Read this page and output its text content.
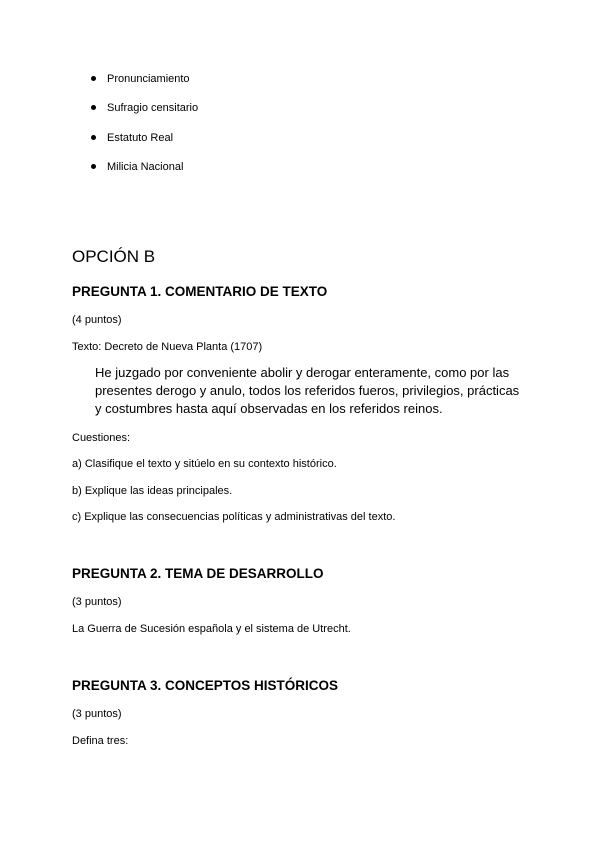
Pronunciamiento
Sufragio censitario
Estatuto Real
Milicia Nacional
OPCIÓN B
PREGUNTA 1. COMENTARIO DE TEXTO
(4 puntos)
Texto: Decreto de Nueva Planta (1707)
He juzgado por conveniente abolir y derogar enteramente, como por las
presentes derogo y anulo, todos los referidos fueros, privilegios, prácticas
y costumbres hasta aquí observadas en los referidos reinos.
Cuestiones:
a) Clasifique el texto y sitúelo en su contexto histórico.
b) Explique las ideas principales.
c) Explique las consecuencias políticas y administrativas del texto.
PREGUNTA 2. TEMA DE DESARROLLO
(3 puntos)
La Guerra de Sucesión española y el sistema de Utrecht.
PREGUNTA 3. CONCEPTOS HISTÓRICOS
(3 puntos)
Defina tres:
